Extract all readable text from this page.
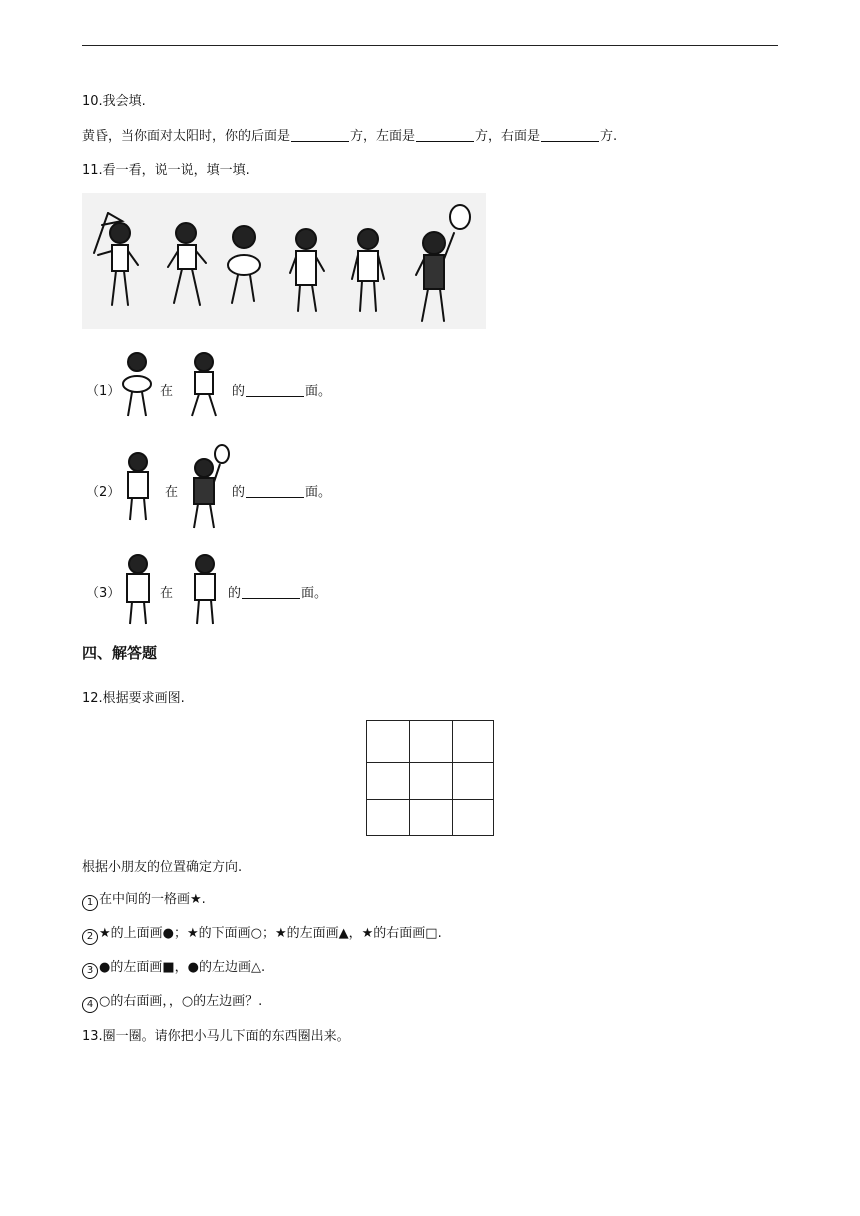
10.我会填.
黄昏，当你面对太阳时，你的后面是	方，左面是	方，右面是	方.
11.看一看，说一说，填一填.
（1）	在	的	面。
（2）	在	的	面。
（3）	在	的	面。
四、解答题
12.根据要求画图.
根据小朋友的位置确定方向.
1 在中间的一格画★.
2 ★的上面画●；★的下面画○；★的左面画▲，★的右面画□.
3 ●的左面画■，●的左边画△.
4 ○的右面画，，○的左边画？.
13.圈一圈。请你把小马儿下面的东西圈出来。
